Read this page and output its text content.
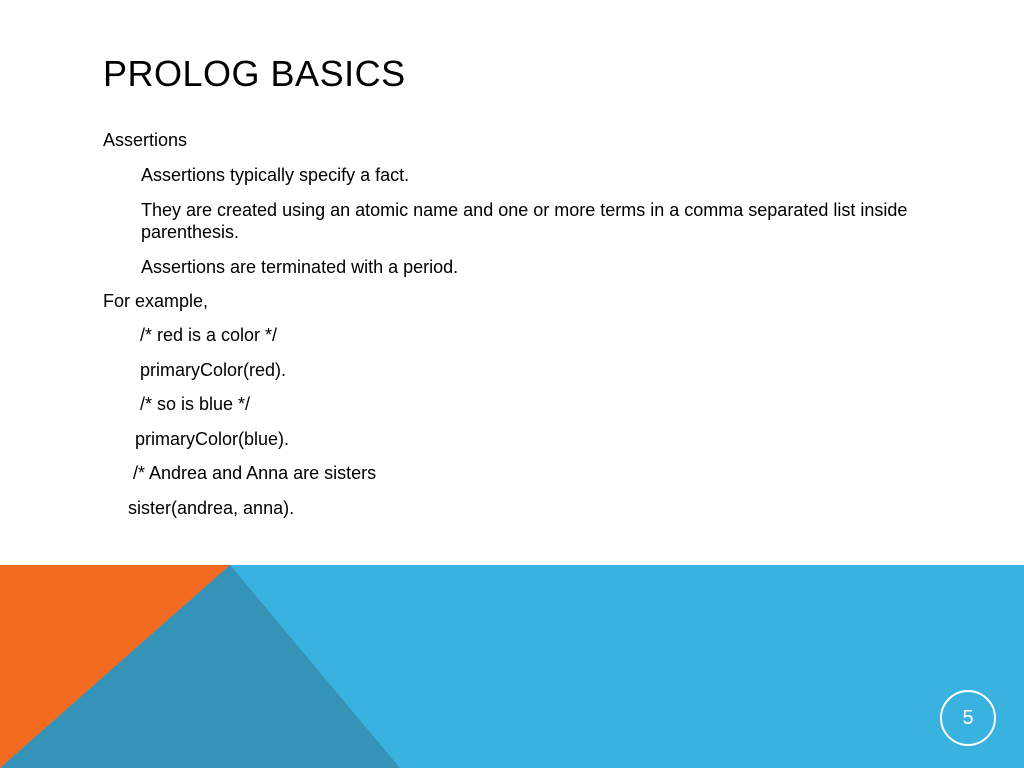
PROLOG BASICS
Assertions
Assertions typically specify a fact.
They are created using an atomic name and one or more terms in a comma separated list inside parenthesis.
Assertions are terminated with a period.
For example,
/* red is a color */
primaryColor(red).
/* so is blue */
primaryColor(blue).
/* Andrea and Anna are sisters
sister(andrea, anna).
5
